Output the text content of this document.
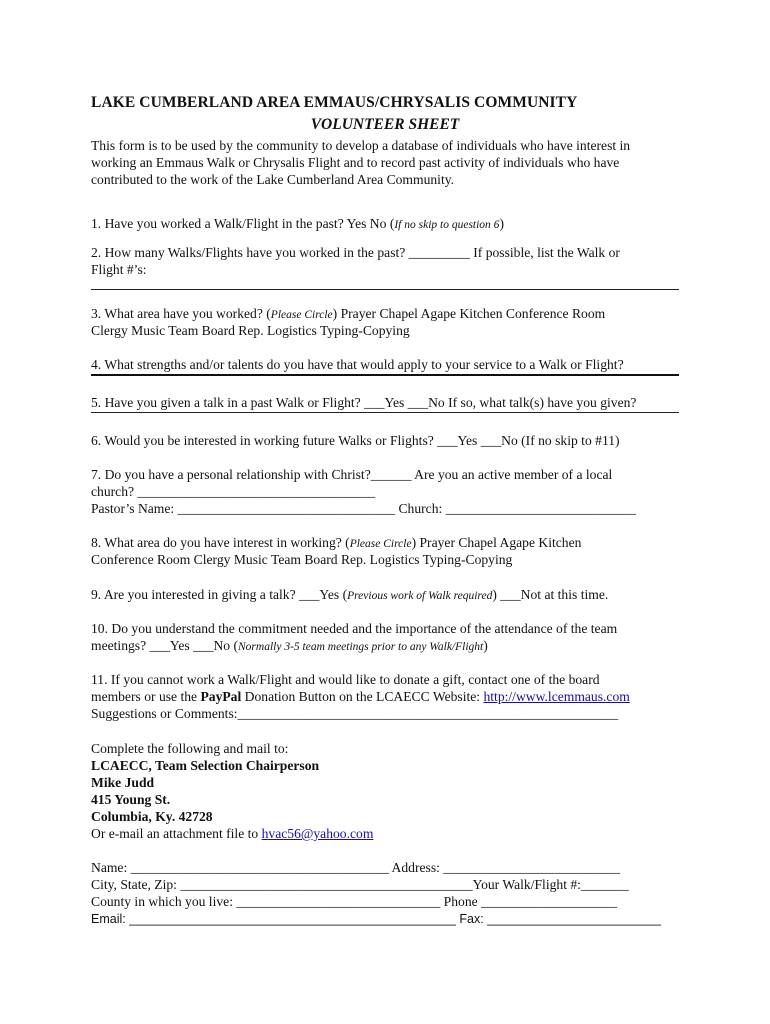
LAKE CUMBERLAND AREA EMMAUS/CHRYSALIS COMMUNITY
VOLUNTEER SHEET
This form is to be used by the community to develop a database of individuals who have interest in
working an Emmaus Walk or Chrysalis Flight and to record past activity of individuals who have
contributed to the work of the Lake Cumberland Area Community.
1. Have you worked a Walk/Flight in the past? Yes No (If no skip to question 6)
2. How many Walks/Flights have you worked in the past? _________ If possible, list the Walk or
Flight #’s:
3. What area have you worked? (Please Circle) Prayer Chapel Agape Kitchen Conference Room
Clergy Music Team Board Rep. Logistics Typing-Copying
4. What strengths and/or talents do you have that would apply to your service to a Walk or Flight?
5. Have you given a talk in a past Walk or Flight? ___Yes ___No If so, what talk(s) have you given?
6. Would you be interested in working future Walks or Flights? ___Yes ___No (If no skip to #11)
7. Do you have a personal relationship with Christ?______ Are you an active member of a local
church? ___________________________________
Pastor’s Name: ________________________________ Church: ____________________________
8. What area do you have interest in working? (Please Circle) Prayer Chapel Agape Kitchen
Conference Room Clergy Music Team Board Rep. Logistics Typing-Copying
9. Are you interested in giving a talk? ___Yes (Previous work of Walk required) ___Not at this time.
10. Do you understand the commitment needed and the importance of the attendance of the team
meetings? ___Yes ___No (Normally 3-5 team meetings prior to any Walk/Flight)
11. If you cannot work a Walk/Flight and would like to donate a gift, contact one of the board
members or use the PayPal Donation Button on the LCAECC Website: http://www.lcemmaus.com
Suggestions or Comments:________________________________________________________
Complete the following and mail to:
LCAECC, Team Selection Chairperson
Mike Judd
415 Young St.
Columbia, Ky. 42728
Or e-mail an attachment file to hvac56@yahoo.com
Name: ______________________________________ Address: __________________________
City, State, Zip: ___________________________________________Your Walk/Flight #:_______
County in which you live: ______________________________ Phone ____________________
Email: _______________________________________________ Fax: _________________________
